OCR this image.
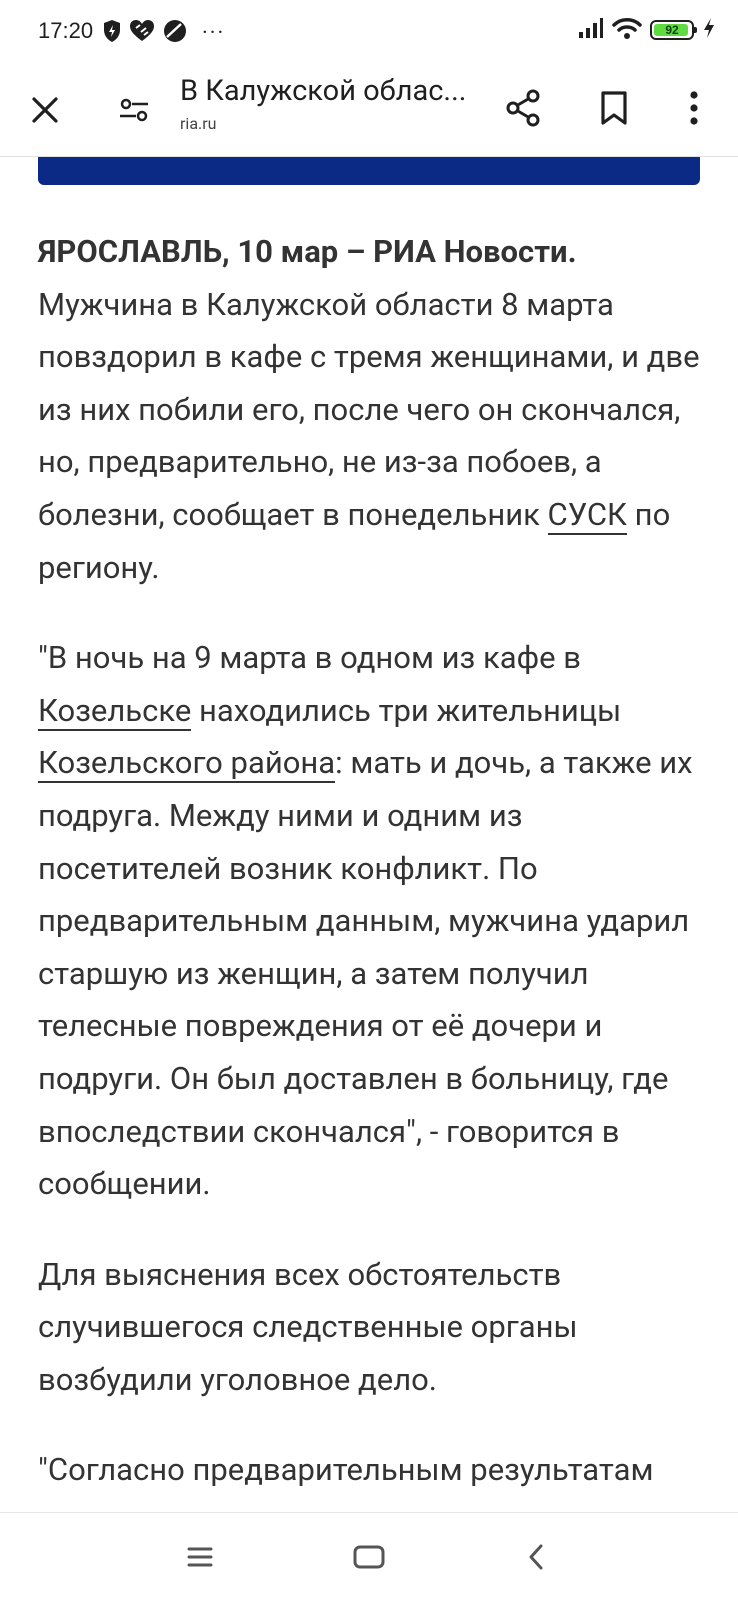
17:20	···	92
В Калужской облас...
ria.ru

ЯРОСЛАВЛЬ, 10 мар – РИА Новости. Мужчина в Калужской области 8 марта повздорил в кафе с тремя женщинами, и две из них побили его, после чего он скончался, но, предварительно, не из-за побоев, а болезни, сообщает в понедельник СУСК по региону.

"В ночь на 9 марта в одном из кафе в Козельске находились три жительницы Козельского района: мать и дочь, а также их подруга. Между ними и одним из посетителей возник конфликт. По предварительным данным, мужчина ударил старшую из женщин, а затем получил телесные повреждения от её дочери и подруги. Он был доставлен в больницу, где впоследствии скончался", - говорится в сообщении.

Для выяснения всех обстоятельств случившегося следственные органы возбудили уголовное дело.

"Согласно предварительным результатам
